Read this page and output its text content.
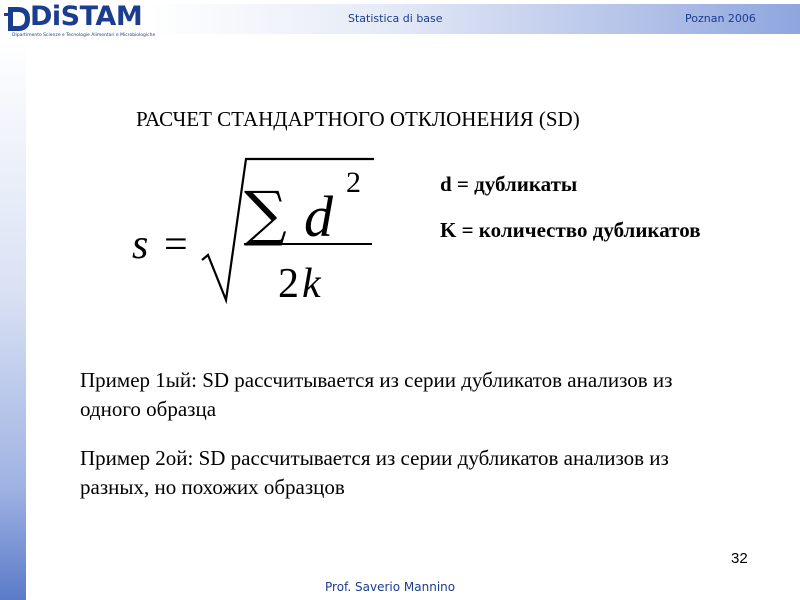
DiSTAM
Dipartimento Scienze e Tecnologie Alimentari e Microbiologiche
Statistica di base	Poznan 2006
РАСЧЕТ СТАНДАРТНОГО ОТКЛОНЕНИЯ (SD)
s = ∑ d
2
2 k
d = дубликаты
K = количество дубликатов
Пример 1ый: SD рассчитывается из серии дубликатов анализов из одного образца
Пример 2ой: SD рассчитывается из серии дубликатов анализов из разных, но похожих образцов
32
Prof. Saverio Mannino
